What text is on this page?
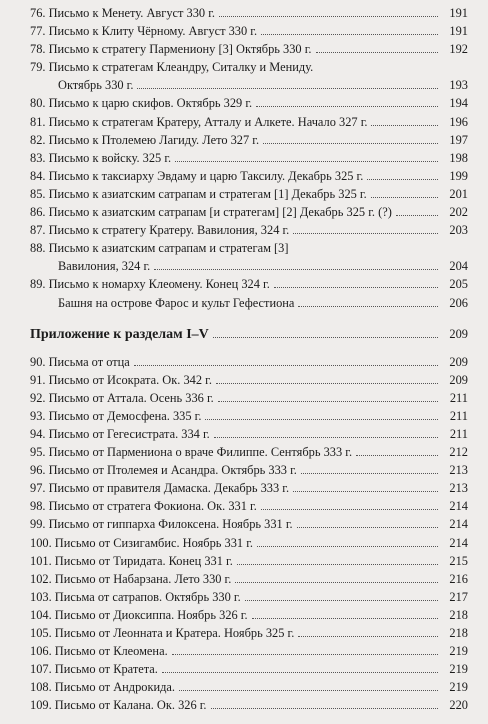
76. Письмо к Менету. Август 330 г.	191
77. Письмо к Клиту Чёрному. Август 330 г.	191
78. Письмо к стратегу Пармениону [3] Октябрь 330 г.	192
79. Письмо к стратегам Клеандру, Ситалку и Мениду.
Октябрь 330 г.	193
80. Письмо к царю скифов. Октябрь 329 г.	194
81. Письмо к стратегам Кратеру, Атталу и Алкете. Начало 327 г.	196
82. Письмо к Птолемею Лагиду. Лето 327 г.	197
83. Письмо к войску. 325 г.	198
84. Письмо к таксиарху Эвдаму и царю Таксилу. Декабрь 325 г.	199
85. Письмо к азиатским сатрапам и стратегам [1] Декабрь 325 г.	201
86. Письмо к азиатским сатрапам [и стратегам] [2] Декабрь 325 г. (?)	202
87. Письмо к стратегу Кратеру. Вавилония, 324 г.	203
88. Письмо к азиатским сатрапам и стратегам [3]
Вавилония, 324 г.	204
89. Письмо к номарху Клеомену. Конец 324 г.	205
Башня на острове Фарос и культ Гефестиона	206
Приложение к разделам I–V	209
90. Письма от отца	209
91. Письмо от Исократа. Ок. 342 г.	209
92. Письмо от Аттала. Осень 336 г.	211
93. Письмо от Демосфена. 335 г.	211
94. Письмо от Гегесистрата. 334 г.	211
95. Письмо от Пармениона о враче Филиппе. Сентябрь 333 г.	212
96. Письмо от Птолемея и Асандра. Октябрь 333 г.	213
97. Письмо от правителя Дамаска. Декабрь 333 г.	213
98. Письмо от стратега Фокиона. Ок. 331 г.	214
99. Письмо от гиппарха Филоксена. Ноябрь 331 г.	214
100. Письмо от Сизигамбис. Ноябрь 331 г.	214
101. Письмо от Тиридата. Конец 331 г.	215
102. Письмо от Набарзана. Лето 330 г.	216
103. Письма от сатрапов. Октябрь 330 г.	217
104. Письмо от Диоксиппа. Ноябрь 326 г.	218
105. Письмо от Леонната и Кратера. Ноябрь 325 г.	218
106. Письмо от Клеомена.	219
107. Письмо от Кратета.	219
108. Письмо от Андрокида.	219
109. Письмо от Калана. Ок. 326 г.	220
